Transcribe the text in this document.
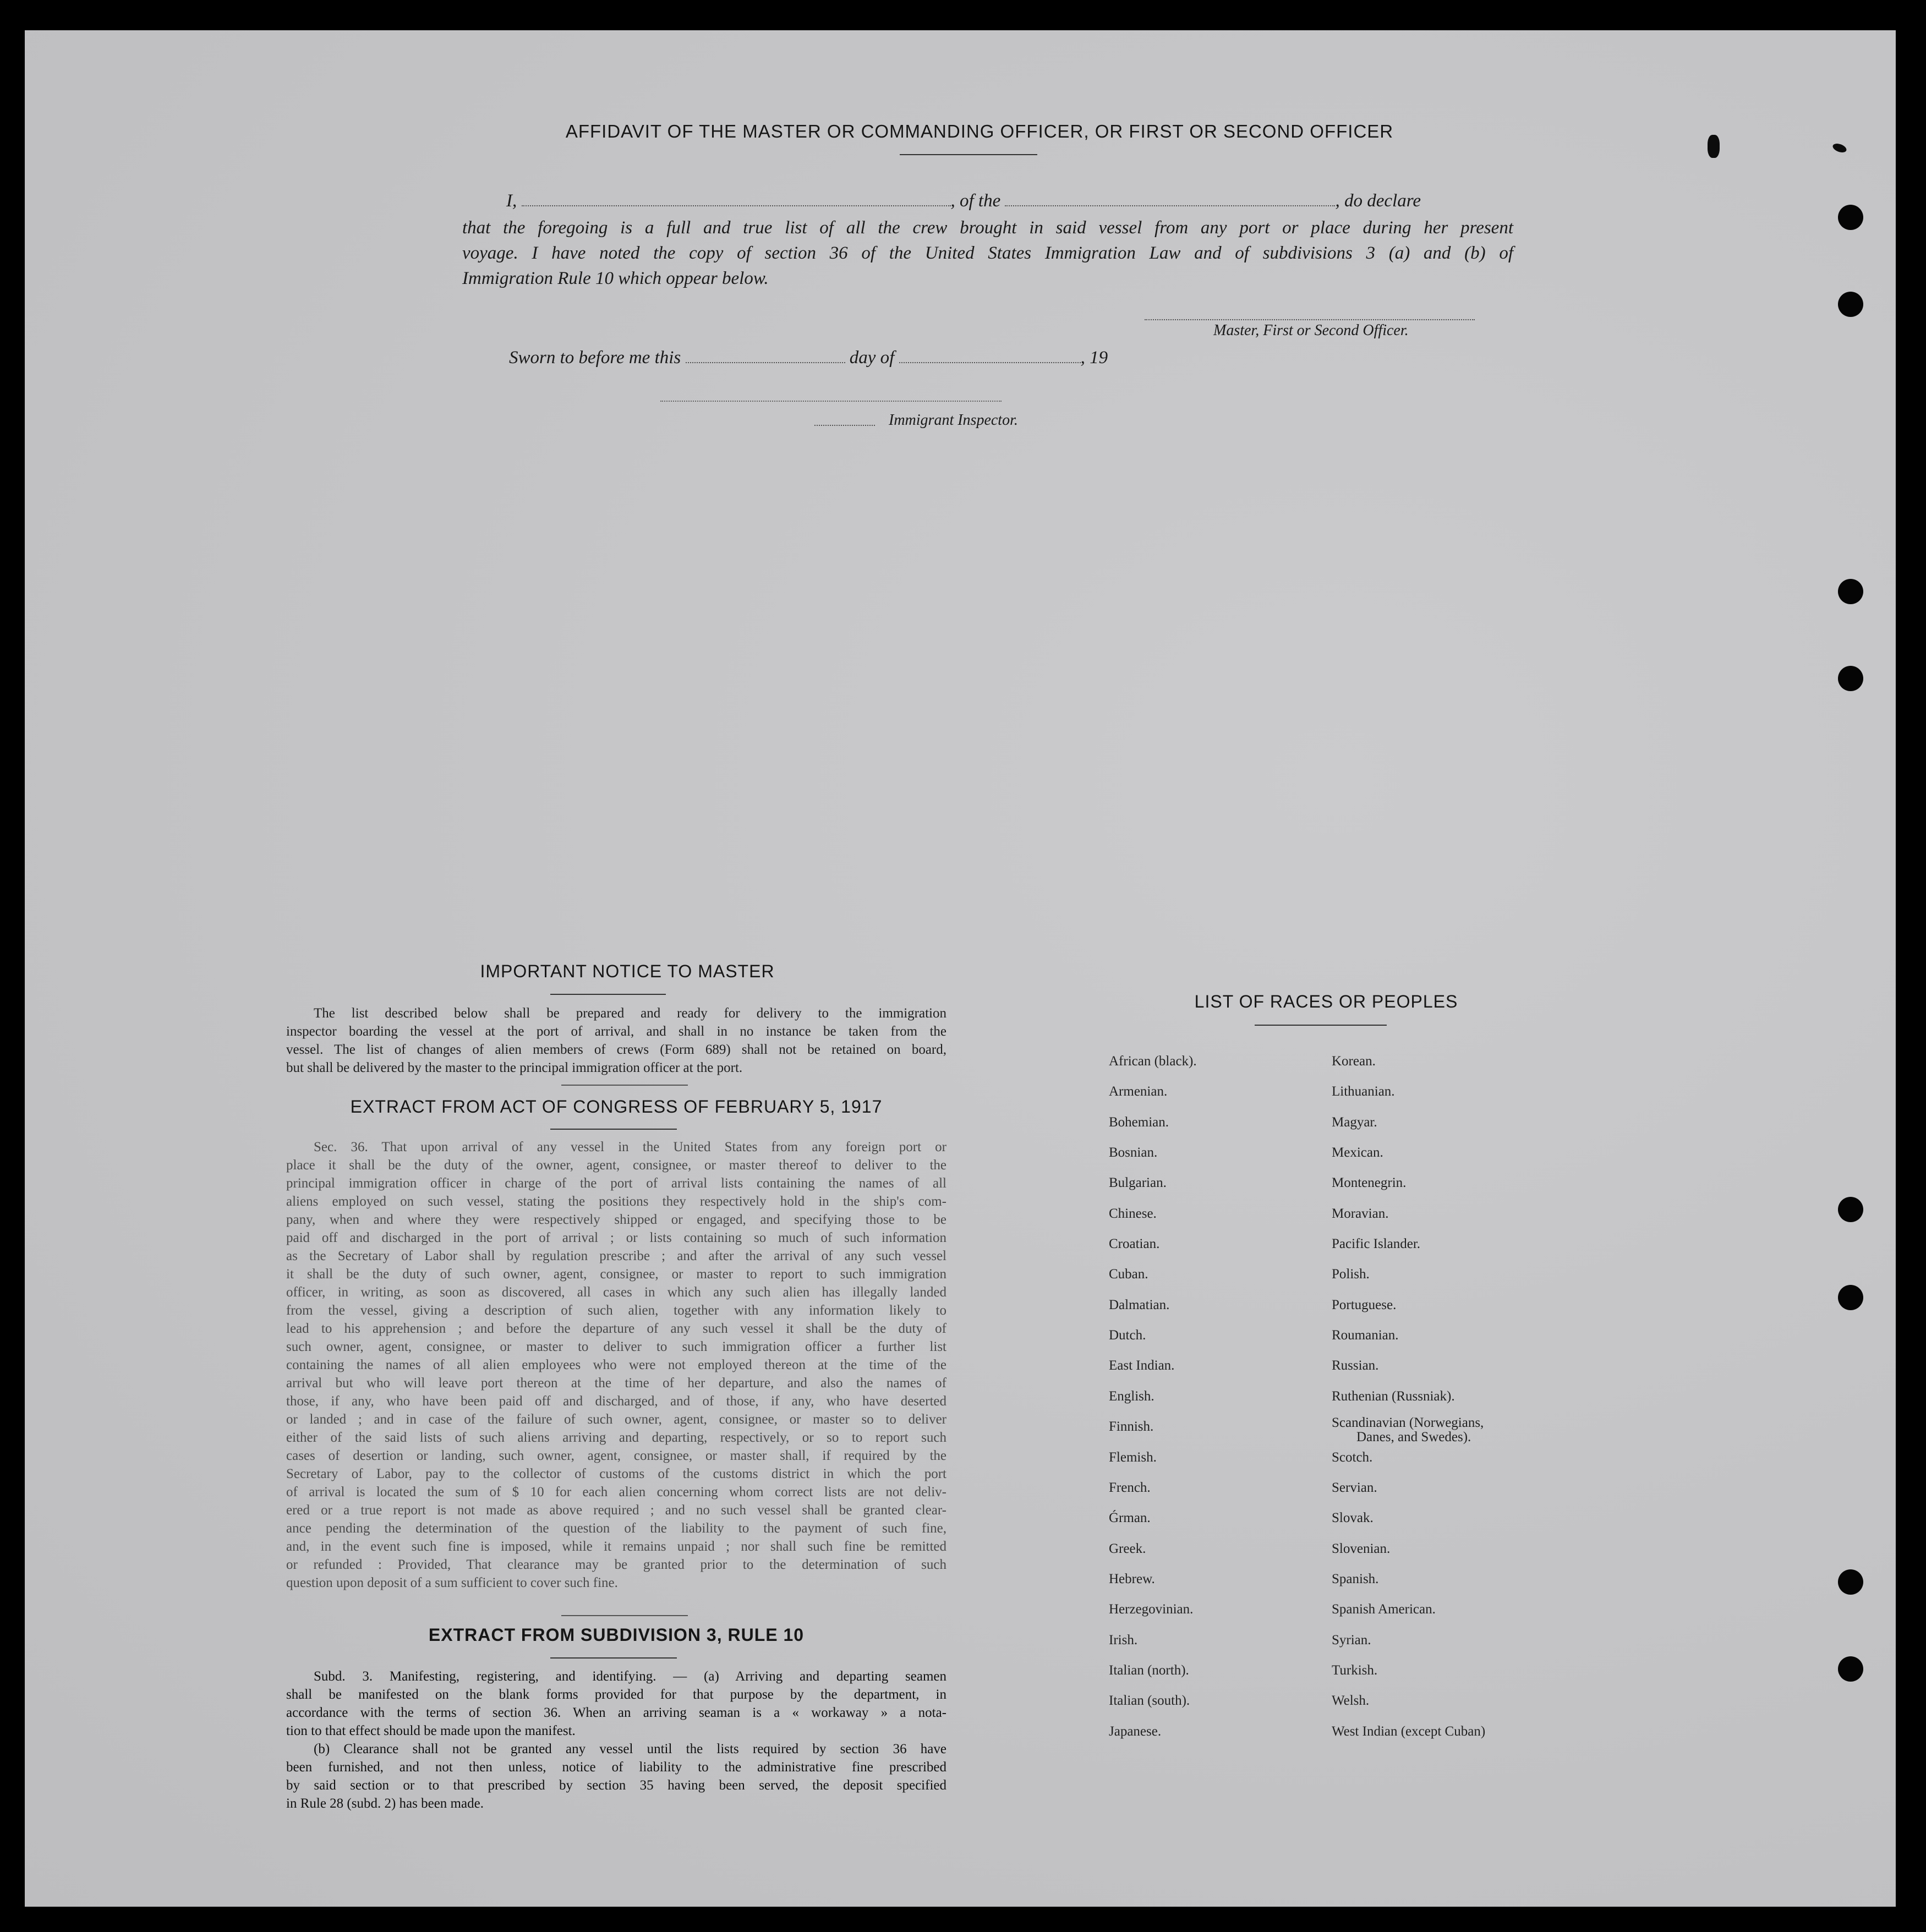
AFFIDAVIT OF THE MASTER OR COMMANDING OFFICER, OR FIRST OR SECOND OFFICER
I,	, of the	, do declare
that the foregoing is a full and true list of all the crew brought in said vessel from any port or place during her present
voyage. I have noted the copy of section 36 of the United States Immigration Law and of subdivisions 3 (a) and (b) of
Immigration Rule 10 which oppear below.
Master, First or Second Officer.
Sworn to before me this	day of	, 19
Immigrant Inspector.
IMPORTANT NOTICE TO MASTER
The list described below shall be prepared and ready for delivery to the immigration
inspector boarding the vessel at the port of arrival, and shall in no instance be taken from the
vessel. The list of changes of alien members of crews (Form 689) shall not be retained on board,
but shall be delivered by the master to the principal immigration officer at the port.
EXTRACT FROM ACT OF CONGRESS OF FEBRUARY 5, 1917
Sec. 36. That upon arrival of any vessel in the United States from any foreign port or
place it shall be the duty of the owner, agent, consignee, or master thereof to deliver to the
principal immigration officer in charge of the port of arrival lists containing the names of all
aliens employed on such vessel, stating the positions they respectively hold in the ship's com-
pany, when and where they were respectively shipped or engaged, and specifying those to be
paid off and discharged in the port of arrival ; or lists containing so much of such information
as the Secretary of Labor shall by regulation prescribe ; and after the arrival of any such vessel
it shall be the duty of such owner, agent, consignee, or master to report to such immigration
officer, in writing, as soon as discovered, all cases in which any such alien has illegally landed
from the vessel, giving a description of such alien, together with any information likely to
lead to his apprehension ; and before the departure of any such vessel it shall be the duty of
such owner, agent, consignee, or master to deliver to such immigration officer a further list
containing the names of all alien employees who were not employed thereon at the time of the
arrival but who will leave port thereon at the time of her departure, and also the names of
those, if any, who have been paid off and discharged, and of those, if any, who have deserted
or landed ; and in case of the failure of such owner, agent, consignee, or master so to deliver
either of the said lists of such aliens arriving and departing, respectively, or so to report such
cases of desertion or landing, such owner, agent, consignee, or master shall, if required by the
Secretary of Labor, pay to the collector of customs of the customs district in which the port
of arrival is located the sum of $ 10 for each alien concerning whom correct lists are not deliv-
ered or a true report is not made as above required ; and no such vessel shall be granted clear-
ance pending the determination of the question of the liability to the payment of such fine,
and, in the event such fine is imposed, while it remains unpaid ; nor shall such fine be remitted
or refunded : Provided, That clearance may be granted prior to the determination of such
question upon deposit of a sum sufficient to cover such fine.
EXTRACT FROM SUBDIVISION 3, RULE 10
Subd. 3. Manifesting, registering, and identifying. — (a) Arriving and departing seamen
shall be manifested on the blank forms provided for that purpose by the department, in
accordance with the terms of section 36. When an arriving seaman is a « workaway » a nota-
tion to that effect should be made upon the manifest.
(b) Clearance shall not be granted any vessel until the lists required by section 36 have
been furnished, and not then unless, notice of liability to the administrative fine prescribed
by said section or to that prescribed by section 35 having been served, the deposit specified
in Rule 28 (subd. 2) has been made.
LIST OF RACES OR PEOPLES
African (black).
Armenian.
Bohemian.
Bosnian.
Bulgarian.
Chinese.
Croatian.
Cuban.
Dalmatian.
Dutch.
East Indian.
English.
Finnish.
Flemish.
French.
Ǵrman.
Greek.
Hebrew.
Herzegovinian.
Irish.
Italian (north).
Italian (south).
Japanese.
Korean.
Lithuanian.
Magyar.
Mexican.
Montenegrin.
Moravian.
Pacific Islander.
Polish.
Portuguese.
Roumanian.
Russian.
Ruthenian (Russniak).
Scandinavian (Norwegians,
Danes, and Swedes).
Scotch.
Servian.
Slovak.
Slovenian.
Spanish.
Spanish American.
Syrian.
Turkish.
Welsh.
West Indian (except Cuban)
